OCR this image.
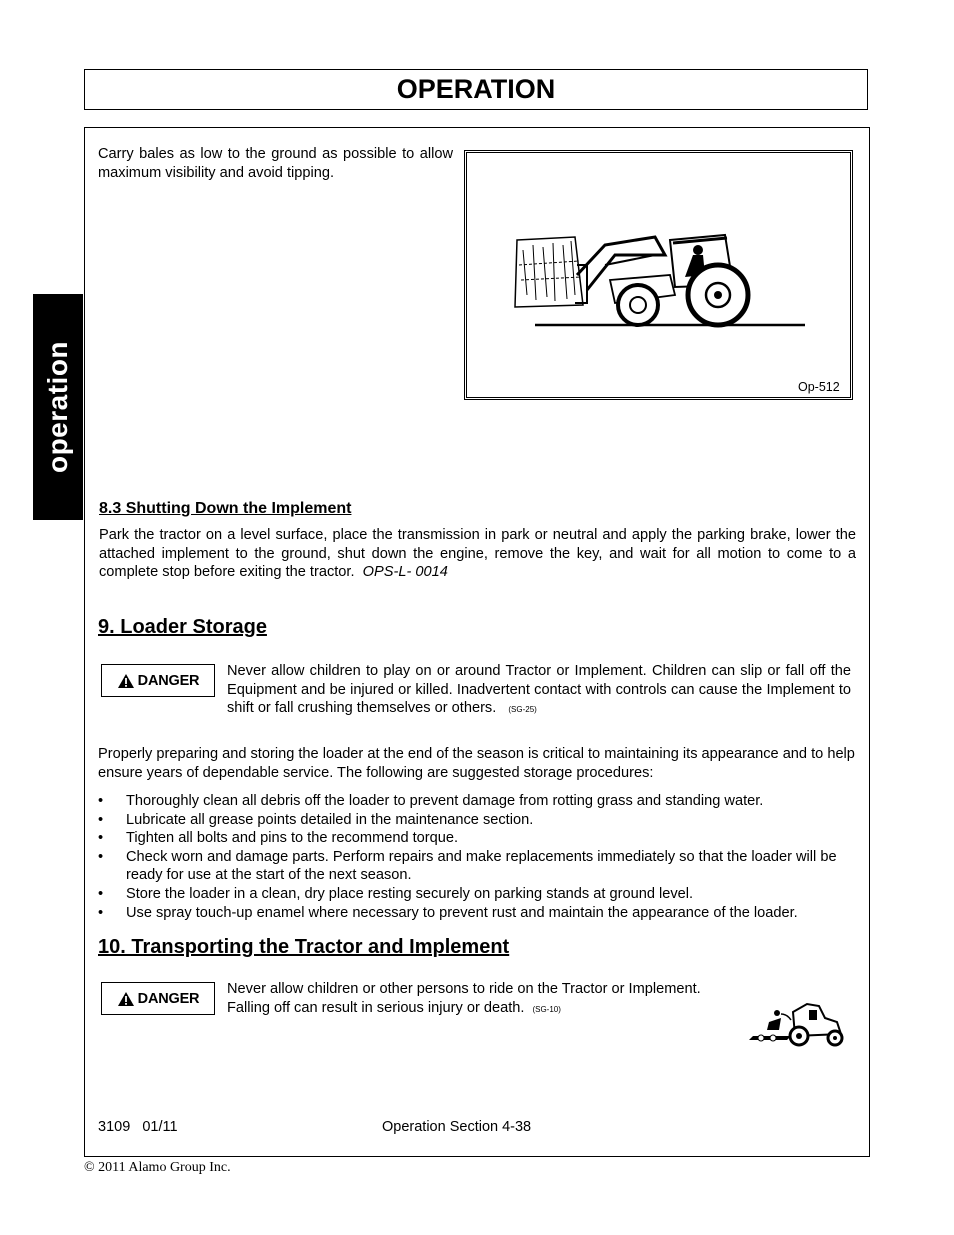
OPERATION
operation
Carry bales as low to the ground as possible to allow maximum visibility and avoid tipping.
Op-512
8.3 Shutting Down the Implement
Park the tractor on a level surface, place the transmission in park or neutral and apply the parking brake, lower the attached implement to the ground, shut down the engine, remove the key, and wait for all motion to come to a complete stop before exiting the tractor. OPS-L- 0014
9. Loader Storage
DANGER
Never allow children to play on or around Tractor or Implement. Children can slip or fall off the Equipment and be injured or killed. Inadvertent contact with controls can cause the Implement to shift or fall crushing themselves or others. (SG-25)
Properly preparing and storing the loader at the end of the season is critical to maintaining its appearance and to help ensure years of dependable service. The following are suggested storage procedures:
• Thoroughly clean all debris off the loader to prevent damage from rotting grass and standing water.
• Lubricate all grease points detailed in the maintenance section.
• Tighten all bolts and pins to the recommend torque.
• Check worn and damage parts. Perform repairs and make replacements immediately so that the loader will be ready for use at the start of the next season.
• Store the loader in a clean, dry place resting securely on parking stands at ground level.
• Use spray touch-up enamel where necessary to prevent rust and maintain the appearance of the loader.
10. Transporting the Tractor and Implement
DANGER
Never allow children or other persons to ride on the Tractor or Implement.
Falling off can result in serious injury or death. (SG-10)
3109   01/11	Operation Section 4-38
© 2011 Alamo Group Inc.
